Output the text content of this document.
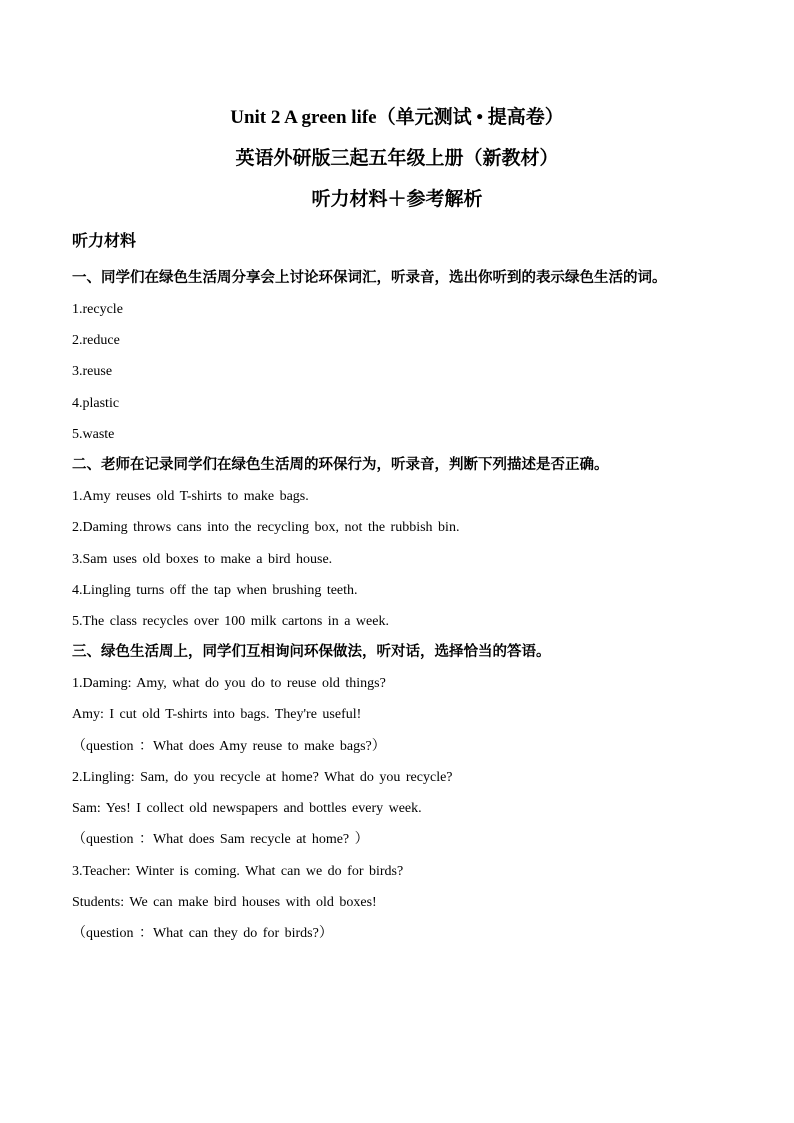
Unit 2 A green life（单元测试 • 提高卷）
英语外研版三起五年级上册（新教材）
听力材料＋参考解析
听力材料
一、同学们在绿色生活周分享会上讨论环保词汇，听录音，选出你听到的表示绿色生活的词。
1.recycle
2.reduce
3.reuse
4.plastic
5.waste
二、老师在记录同学们在绿色生活周的环保行为，听录音，判断下列描述是否正确。
1.Amy reuses old T-shirts to make bags.
2.Daming throws cans into the recycling box, not the rubbish bin.
3.Sam uses old boxes to make a bird house.
4.Lingling turns off the tap when brushing teeth.
5.The class recycles over 100 milk cartons in a week.
三、绿色生活周上，同学们互相询问环保做法，听对话，选择恰当的答语。
1.Daming: Amy, what do you do to reuse old things?
Amy: I cut old T-shirts into bags. They're useful!
（question ：What does Amy reuse to make bags?）
2.Lingling: Sam, do you recycle at home? What do you recycle?
Sam: Yes! I collect old newspapers and bottles every week.
（question ：What does Sam recycle at home? ）
3.Teacher: Winter is coming. What can we do for birds?
Students: We can make bird houses with old boxes!
（question ：What can they do for birds?）
